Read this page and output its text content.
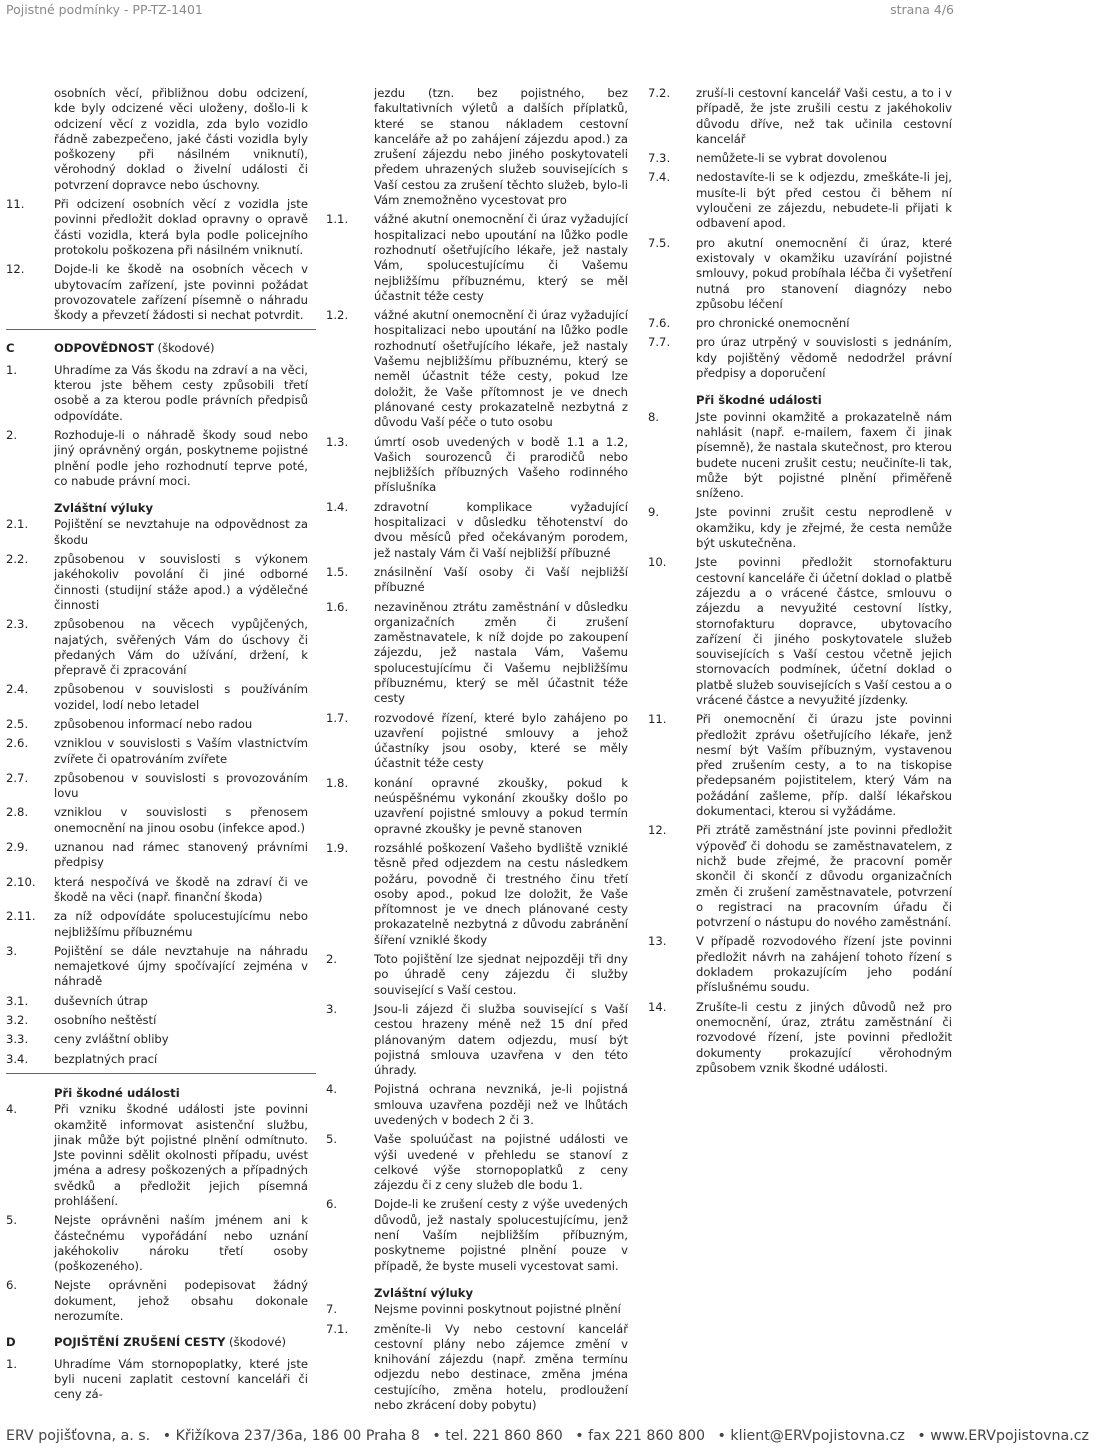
Pojistné podmínky - PP-TZ-1401	strana 4/6
osobních věcí, přibližnou dobu odcizení, kde byly odcizené věci uloženy, došlo-li k odcizení věcí z vozidla, zda bylo vozidlo řádně zabezpečeno, jaké části vozidla byly poškozeny při násilném vniknutí), věrohodný doklad o živelní události či potvrzení dopravce nebo úschovny.
11.	Při odcizení osobních věcí z vozidla jste povinni předložit doklad opravny o opravě části vozidla, která byla podle policejního protokolu poškozena při násilném vniknutí.
12.	Dojde-li ke škodě na osobních věcech v ubytovacím zařízení, jste povinni požádat provozovatele zařízení písemně o náhradu škody a převzetí žádosti si nechat potvrdit.
C	ODPOVĚDNOST (škodové)
1.	Uhradíme za Vás škodu na zdraví a na věci, kterou jste během cesty způsobili třetí osobě a za kterou podle právních předpisů odpovídáte.
2.	Rozhoduje-li o náhradě škody soud nebo jiný oprávněný orgán, poskytneme pojistné plnění podle jeho rozhodnutí teprve poté, co nabude právní moci.
Zvláštní výluky
2.1.	Pojištění se nevztahuje na odpovědnost za škodu
2.2.	způsobenou v souvislosti s výkonem jakéhokoliv povolání či jiné odborné činnosti (studijní stáže apod.) a výdělečné činnosti
2.3.	způsobenou na věcech vypůjčených, najatých, svěřených Vám do úschovy či předaných Vám do užívání, držení, k přepravě či zpracování
2.4.	způsobenou v souvislosti s používáním vozidel, lodí nebo letadel
2.5.	způsobenou informací nebo radou
2.6.	vzniklou v souvislosti s Vaším vlastnictvím zvířete či opatrováním zvířete
2.7.	způsobenou v souvislosti s provozováním lovu
2.8.	vzniklou v souvislosti s přenosem onemocnění na jinou osobu (infekce apod.)
2.9.	uznanou nad rámec stanovený právními předpisy
2.10.	která nespočívá ve škodě na zdraví či ve škodě na věci (např. finanční škoda)
2.11.	za níž odpovídáte spolucestujícímu nebo nejbližšímu příbuznému
3.	Pojištění se dále nevztahuje na náhradu nemajetkové újmy spočívající zejména v náhradě
3.1.	duševních útrap
3.2.	osobního neštěstí
3.3.	ceny zvláštní obliby
3.4.	bezplatných prací
Při škodné události
4.	Při vzniku škodné události jste povinni okamžitě informovat asistenční službu, jinak může být pojistné plnění odmítnuto. Jste povinni sdělit okolnosti případu, uvést jména a adresy poškozených a případných svědků a předložit jejich písemná prohlášení.
5.	Nejste oprávněni naším jménem ani k částečnému vypořádání nebo uznání jakéhokoliv nároku třetí osoby (poškozeného).
6.	Nejste oprávněni podepisovat žádný dokument, jehož obsahu dokonale nerozumíte.
D	POJIŠTĚNÍ ZRUŠENÍ CESTY (škodové)
1.	Uhradíme Vám stornopoplatky, které jste byli nuceni zaplatit cestovní kanceláři či ceny zá-
jezdu (tzn. bez pojistného, bez fakultativních výletů a dalších příplatků, které se stanou nákladem cestovní kanceláře až po zahájení zájezdu apod.) za zrušení zájezdu nebo jiného poskytovateli předem uhrazených služeb souvisejících s Vaší cestou za zrušení těchto služeb, bylo-li Vám znemožněno vycestovat pro
1.1.	vážné akutní onemocnění či úraz vyžadující hospitalizaci nebo upoutání na lůžko podle rozhodnutí ošetřujícího lékaře, jež nastaly Vám, spolucestujícímu či Vašemu nejbližšímu příbuznému, který se měl účastnit téže cesty
1.2.	vážné akutní onemocnění či úraz vyžadující hospitalizaci nebo upoutání na lůžko podle rozhodnutí ošetřujícího lékaře, jež nastaly Vašemu nejbližšímu příbuznému, který se neměl účastnit téže cesty, pokud lze doložit, že Vaše přítomnost je ve dnech plánované cesty prokazatelně nezbytná z důvodu Vaší péče o tuto osobu
1.3.	úmrtí osob uvedených v bodě 1.1 a 1.2, Vašich sourozenců či prarodičů nebo nejbližších příbuzných Vašeho rodinného příslušníka
1.4.	zdravotní komplikace vyžadující hospitalizaci v důsledku těhotenství do dvou měsíců před očekávaným porodem, jež nastaly Vám či Vaší nejbližší příbuzné
1.5.	znásilnění Vaší osoby či Vaší nejbližší příbuzné
1.6.	nezaviněnou ztrátu zaměstnání v důsledku organizačních změn či zrušení zaměstnavatele, k níž dojde po zakoupení zájezdu, jež nastala Vám, Vašemu spolucestujícímu či Vašemu nejbližšímu příbuznému, který se měl účastnit téže cesty
1.7.	rozvodové řízení, které bylo zahájeno po uzavření pojistné smlouvy a jehož účastníky jsou osoby, které se měly účastnit téže cesty
1.8.	konání opravné zkoušky, pokud k neúspěšnému vykonání zkoušky došlo po uzavření pojistné smlouvy a pokud termín opravné zkoušky je pevně stanoven
1.9.	rozsáhlé poškození Vašeho bydliště vzniklé těsně před odjezdem na cestu následkem požáru, povodně či trestného činu třetí osoby apod., pokud lze doložit, že Vaše přítomnost je ve dnech plánované cesty prokazatelně nezbytná z důvodu zabránění šíření vzniklé škody
2.	Toto pojištění lze sjednat nejpozději tři dny po úhradě ceny zájezdu či služby související s Vaší cestou.
3.	Jsou-li zájezd či služba související s Vaší cestou hrazeny méně než 15 dní před plánovaným datem odjezdu, musí být pojistná smlouva uzavřena v den této úhrady.
4.	Pojistná ochrana nevzniká, je-li pojistná smlouva uzavřena později než ve lhůtách uvedených v bodech 2 či 3.
5.	Vaše spoluúčast na pojistné události ve výši uvedené v přehledu se stanoví z celkové výše stornopoplatků z ceny zájezdu či z ceny služeb dle bodu 1.
6.	Dojde-li ke zrušení cesty z výše uvedených důvodů, jež nastaly spolucestujícímu, jenž není Vaším nejbližším příbuzným, poskytneme pojistné plnění pouze v případě, že byste museli vycestovat sami.
Zvláštní výluky
7.	Nejsme povinni poskytnout pojistné plnění
7.1.	změníte-li Vy nebo cestovní kancelář cestovní plány nebo zájemce změní v knihování zájezdu (např. změna termínu odjezdu nebo destinace, změna jména cestujícího, změna hotelu, prodloužení nebo zkrácení doby pobytu)
7.2.	zruší-li cestovní kancelář Vaši cestu, a to i v případě, že jste zrušili cestu z jakéhokoliv důvodu dříve, než tak učinila cestovní kancelář
7.3.	nemůžete-li se vybrat dovolenou
7.4.	nedostavíte-li se k odjezdu, zmeškáte-li jej, musíte-li být před cestou či během ní vyloučeni ze zájezdu, nebudete-li přijati k odbavení apod.
7.5.	pro akutní onemocnění či úraz, které existovaly v okamžiku uzavírání pojistné smlouvy, pokud probíhala léčba či vyšetření nutná pro stanovení diagnózy nebo způsobu léčení
7.6.	pro chronické onemocnění
7.7.	pro úraz utrpěný v souvislosti s jednáním, kdy pojištěný vědomě nedodržel právní předpisy a doporučení
Při škodné události
8.	Jste povinni okamžitě a prokazatelně nám nahlásit (např. e-mailem, faxem či jinak písemně), že nastala skutečnost, pro kterou budete nuceni zrušit cestu; neučiníte-li tak, může být pojistné plnění přiměřeně sníženo.
9.	Jste povinni zrušit cestu neprodleně v okamžiku, kdy je zřejmé, že cesta nemůže být uskutečněna.
10.	Jste povinni předložit stornofakturu cestovní kanceláře či účetní doklad o platbě zájezdu a o vrácené částce, smlouvu o zájezdu a nevyužité cestovní lístky, stornofakturu dopravce, ubytovacího zařízení či jiného poskytovatele služeb souvisejících s Vaší cestou včetně jejich stornovacích podmínek, účetní doklad o platbě služeb souvisejících s Vaší cestou a o vrácené částce a nevyužité jízdenky.
11.	Při onemocnění či úrazu jste povinni předložit zprávu ošetřujícího lékaře, jenž nesmí být Vaším příbuzným, vystavenou před zrušením cesty, a to na tiskopise předepsaném pojistitelem, který Vám na požádání zašleme, příp. další lékařskou dokumentaci, kterou si vyžádáme.
12.	Při ztrátě zaměstnání jste povinni předložit výpověď či dohodu se zaměstnavatelem, z nichž bude zřejmé, že pracovní poměr skončil či skončí z důvodu organizačních změn či zrušení zaměstnavatele, potvrzení o registraci na pracovním úřadu či potvrzení o nástupu do nového zaměstnání.
13.	V případě rozvodového řízení jste povinni předložit návrh na zahájení tohoto řízení s dokladem prokazujícím jeho podání příslušnému soudu.
14.	Zrušíte-li cestu z jiných důvodů než pro onemocnění, úraz, ztrátu zaměstnání či rozvodové řízení, jste povinni předložit dokumenty prokazující věrohodným způsobem vznik škodné události.
ERV pojišťovna, a. s. • Křižíkova 237/36a, 186 00 Praha 8 • tel. 221 860 860 • fax 221 860 800 • klient@ERVpojistovna.cz • www.ERVpojistovna.cz
